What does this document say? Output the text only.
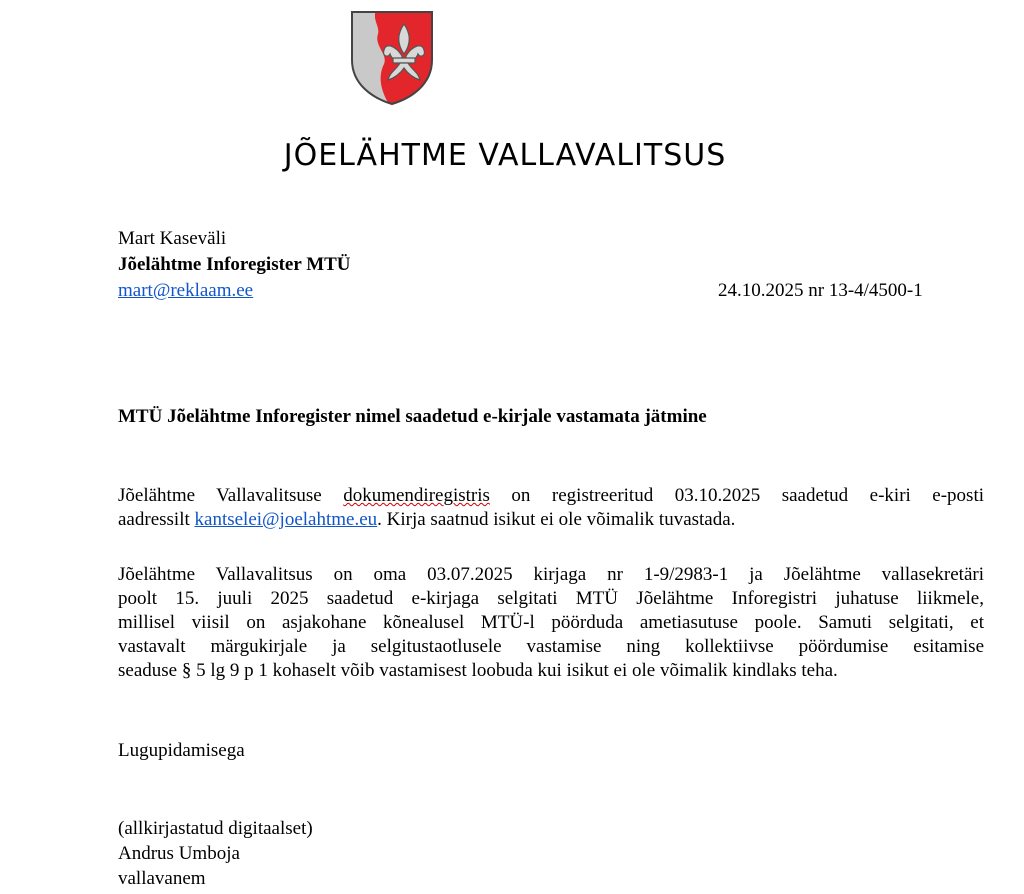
JÕELÄHTME VALLAVALITSUS
Mart Kaseväli
Jõelähtme Inforegister MTÜ
mart@reklaam.ee	24.10.2025 nr 13-4/4500-1
MTÜ Jõelähtme Inforegister nimel saadetud e-kirjale vastamata jätmine
Jõelähtme Vallavalitsuse dokumendiregistris on registreeritud 03.10.2025 saadetud e-kiri e-posti
aadressilt kantselei@joelahtme.eu. Kirja saatnud isikut ei ole võimalik tuvastada.
Jõelähtme Vallavalitsus on oma 03.07.2025 kirjaga nr 1-9/2983-1 ja Jõelähtme vallasekretäri
poolt 15. juuli 2025 saadetud e-kirjaga selgitati MTÜ Jõelähtme Inforegistri juhatuse liikmele,
millisel viisil on asjakohane kõnealusel MTÜ-l pöörduda ametiasutuse poole. Samuti selgitati, et
vastavalt märgukirjale ja selgitustaotlusele vastamise ning kollektiivse pöördumise esitamise
seaduse § 5 lg 9 p 1 kohaselt võib vastamisest loobuda kui isikut ei ole võimalik kindlaks teha.
Lugupidamisega
(allkirjastatud digitaalset)
Andrus Umboja
vallavanem
